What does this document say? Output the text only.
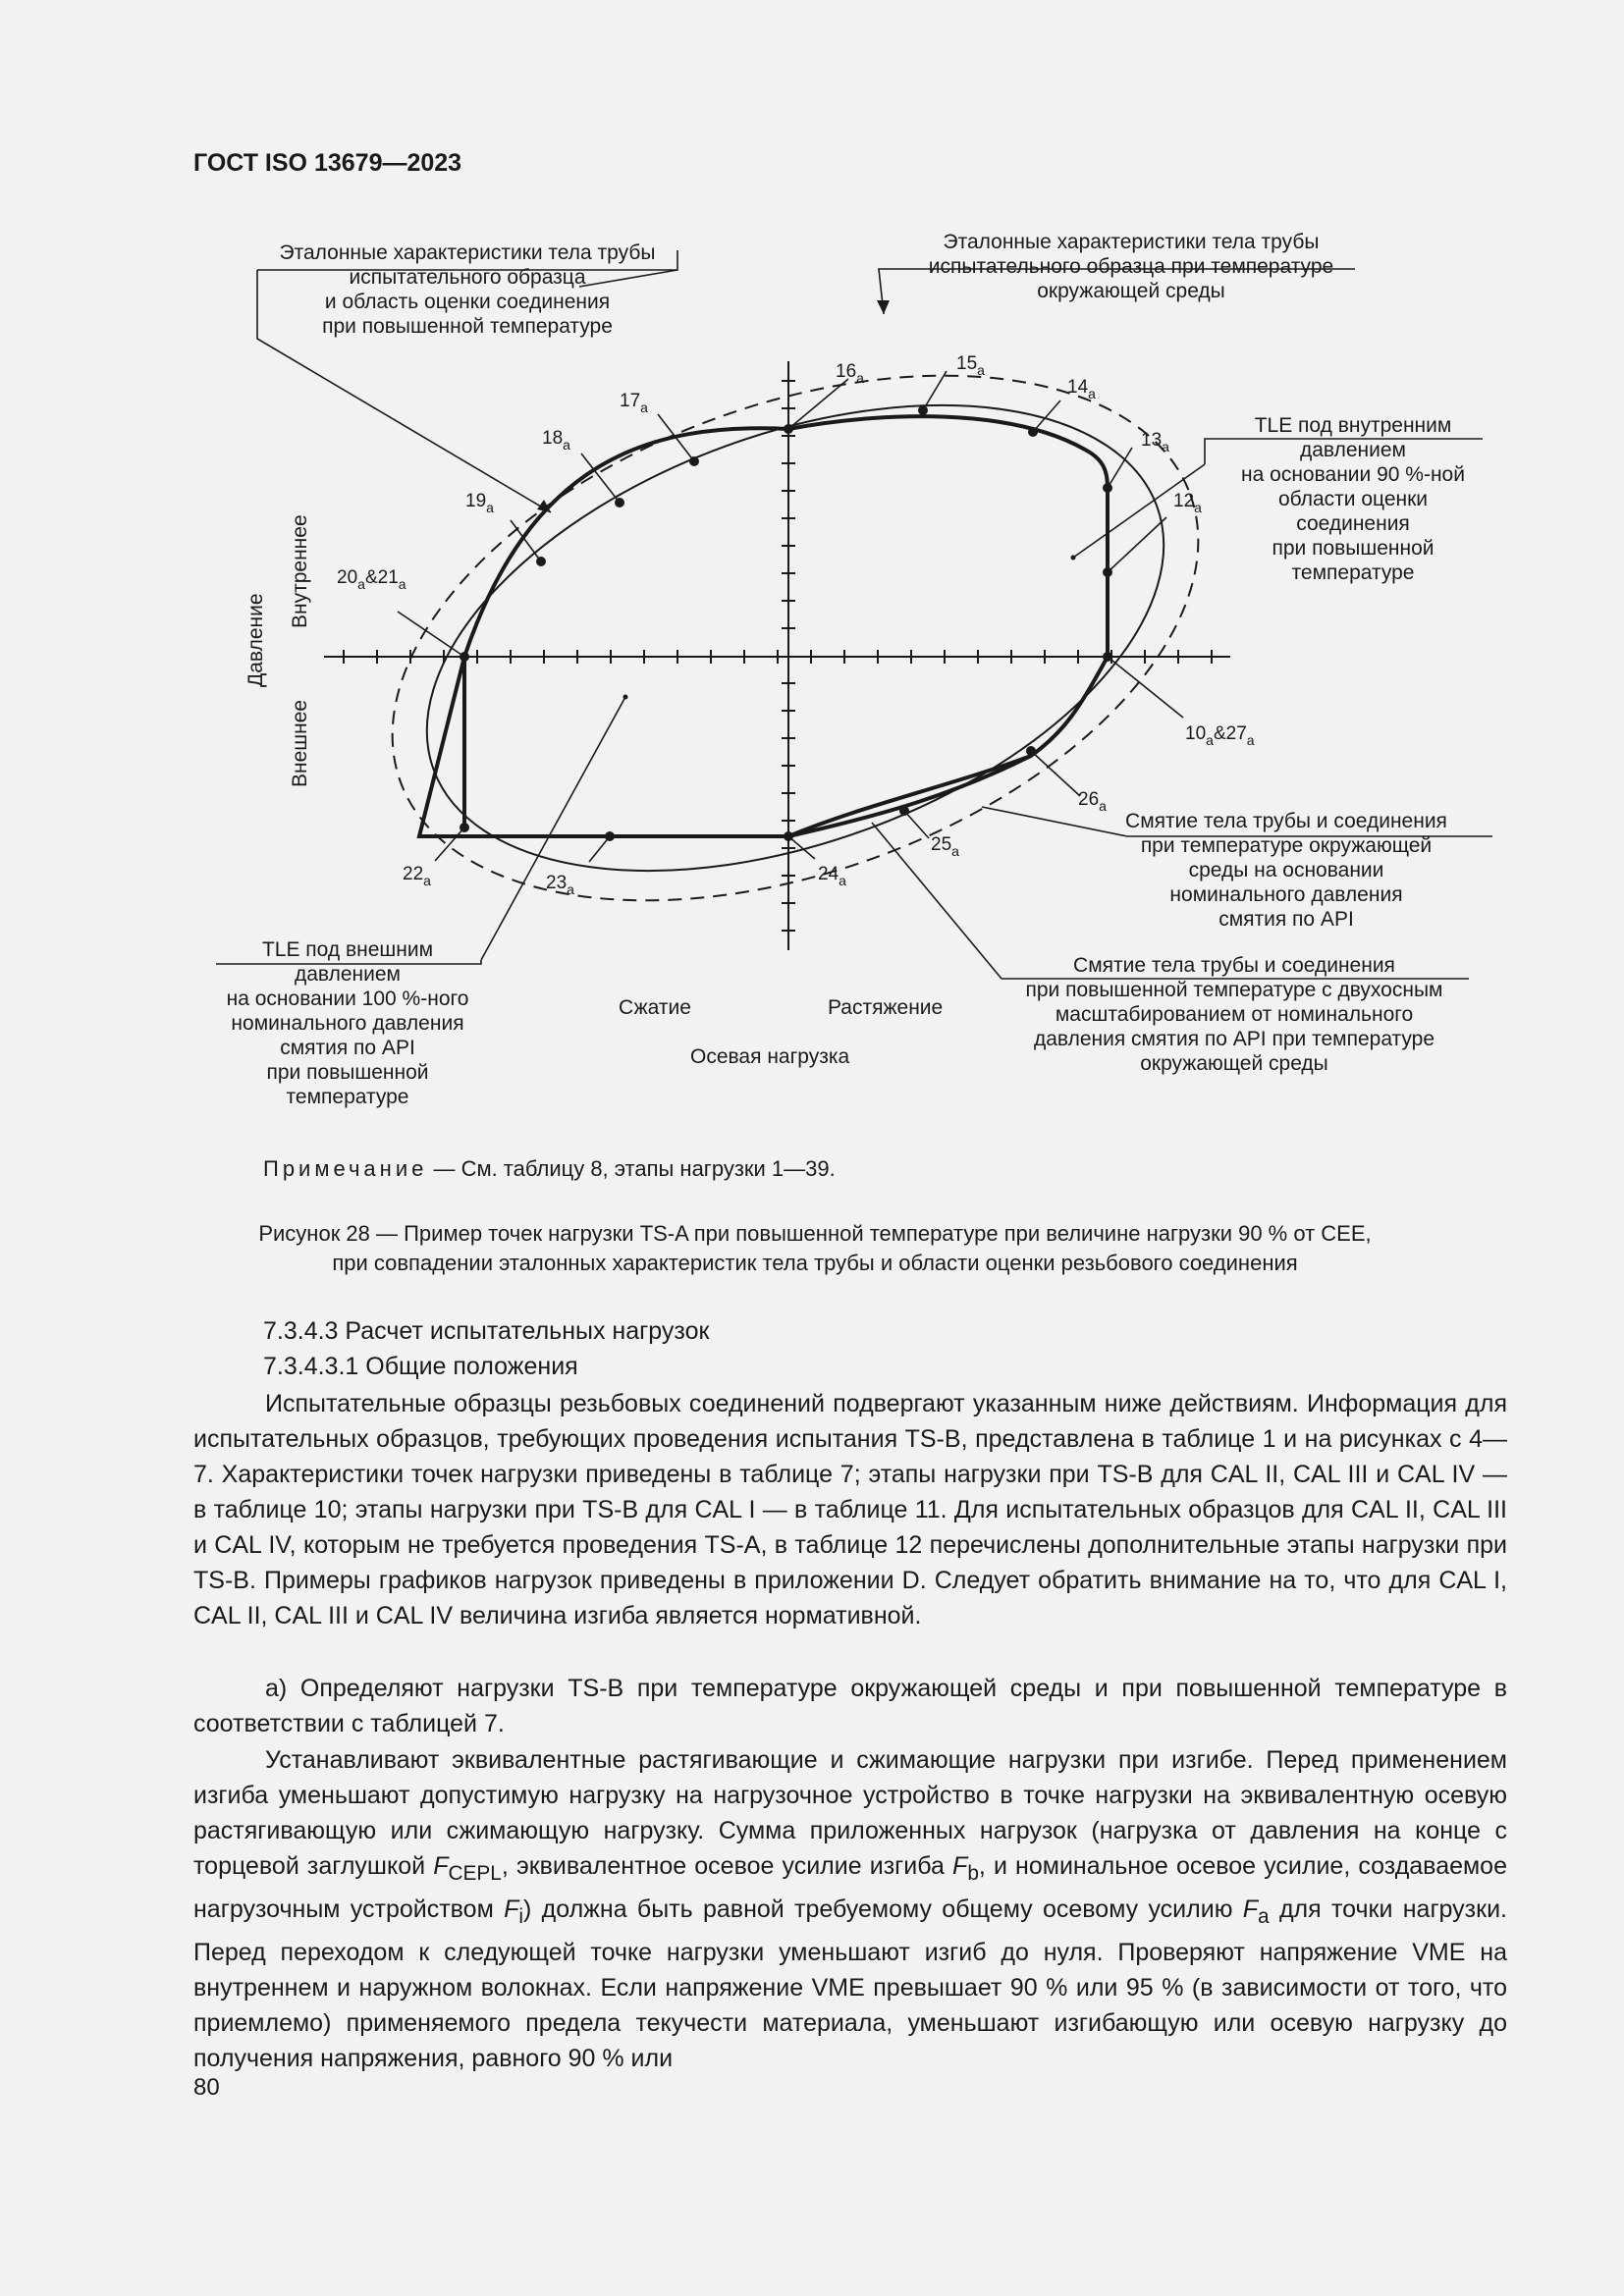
ГОСТ ISO 13679—2023
$16_a$
$15_a$
$14_a$
$13_a$
$12_a$
$10_a\&27_a$
$26_a$
$25_a$
$24_a$
$23_a$
$22_a$
$20_a\&21_a$
$19_a$
$18_a$
$17_a$
Давление
Внутреннее
Внешнее
Сжатие	Растяжение
Осевая нагрузка
Эталонные характеристики тела трубы испытательного образца и область оценки соединения при повышенной температуре
Эталонные характеристики тела трубы испытательного образца при температуре окружающей среды
TLE под внутренним давлением на основании 90 %-ной области оценки соединения при повышенной температуре
Смятие тела трубы и соединения при температуре окружающей среды на основании номинального давления смятия по API
Смятие тела трубы и соединения при повышенной температуре с двухосным масштабированием от номинального давления смятия по API при температуре окружающей среды
TLE под внешним давлением на основании 100 %-ного номинального давления смятия по API при повышенной температуре
Примечание — См. таблицу 8, этапы нагрузки 1—39.
Рисунок 28 — Пример точек нагрузки TS-A при повышенной температуре при величине нагрузки 90 % от CEE,
при совпадении эталонных характеристик тела трубы и области оценки резьбового соединения
7.3.4.3 Расчет испытательных нагрузок
7.3.4.3.1 Общие положения
Испытательные образцы резьбовых соединений подвергают указанным ниже действиям. Информация для испытательных образцов, требующих проведения испытания TS-B, представлена в таблице 1 и на рисунках с 4—7. Характеристики точек нагрузки приведены в таблице 7; этапы нагрузки при TS-B для CAL II, CAL III и CAL IV — в таблице 10; этапы нагрузки при TS-B для CAL I — в таблице 11. Для испытательных образцов для CAL II, CAL III и CAL IV, которым не требуется проведения TS-A, в таблице 12 перечислены дополнительные этапы нагрузки при TS-B. Примеры графиков нагрузок приведены в приложении D. Следует обратить внимание на то, что для CAL I, CAL II, CAL III и CAL IV величина изгиба является нормативной.
а) Определяют нагрузки TS-B при температуре окружающей среды и при повышенной температуре в соответствии с таблицей 7.
Устанавливают эквивалентные растягивающие и сжимающие нагрузки при изгибе. Перед применением изгиба уменьшают допустимую нагрузку на нагрузочное устройство в точке нагрузки на эквивалентную осевую растягивающую или сжимающую нагрузку. Сумма приложенных нагрузок (нагрузка от давления на конце с торцевой заглушкой $F_{CEPL}$, эквивалентное осевое усилие изгиба $F_b$, и номинальное осевое усилие, создаваемое нагрузочным устройством $F_i$) должна быть равной требуемому общему осевому усилию $F_a$ для точки нагрузки. Перед переходом к следующей точке нагрузки уменьшают изгиб до нуля. Проверяют напряжение VME на внутреннем и наружном волокнах. Если напряжение VME превышает 90 % или 95 % (в зависимости от того, что приемлемо) применяемого предела текучести материала, уменьшают изгибающую или осевую нагрузку до получения напряжения, равного 90 % или
80
